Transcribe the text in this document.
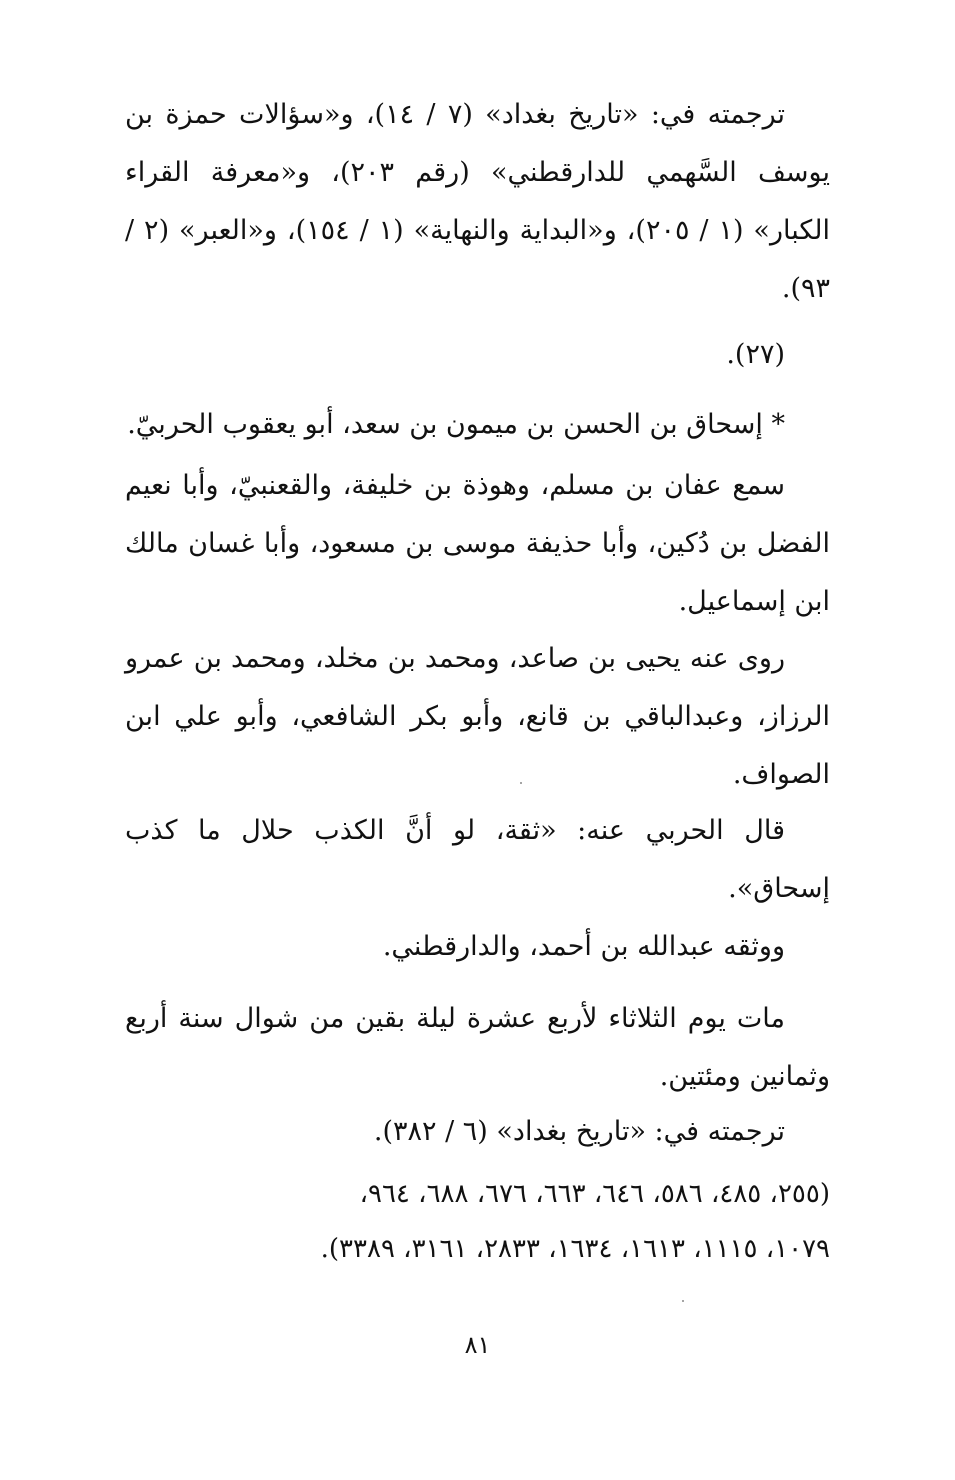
ترجمته في: «تاريخ بغداد» (٧ / ١٤)، و«سؤالات حمزة بن يوسف السَّهمي للدارقطني» (رقم ٢٠٣)، و«معرفة القراء الكبار» (١ / ٢٠٥)، و«البداية والنهاية» (١ / ١٥٤)، و«العبر» (٢ / ٩٣).

(٢٧).

* إسحاق بن الحسن بن ميمون بن سعد، أبو يعقوب الحربيّ.

سمع عفان بن مسلم، وهوذة بن خليفة، والقعنبيّ، وأبا نعيم الفضل بن دُكين، وأبا حذيفة موسى بن مسعود، وأبا غسان مالك ابن إسماعيل.

روى عنه يحيى بن صاعد، ومحمد بن مخلد، ومحمد بن عمرو الرزاز، وعبدالباقي بن قانع، وأبو بكر الشافعي، وأبو علي ابن الصواف.

قال الحربي عنه: «ثقة، لو أنَّ الكذب حلال ما كذب إسحاق».

ووثقه عبدالله بن أحمد، والدارقطني.

مات يوم الثلاثاء لأربع عشرة ليلة بقين من شوال سنة أربع وثمانين ومئتين.

ترجمته في: «تاريخ بغداد» (٦ / ٣٨٢).

(٢٥٥، ٤٨٥، ٥٨٦، ٦٤٦، ٦٦٣، ٦٧٦، ٦٨٨، ٩٦٤،

١٠٧٩، ١١١٥، ١٦١٣، ١٦٣٤، ٢٨٣٣، ٣١٦١، ٣٣٨٩).

٨١
